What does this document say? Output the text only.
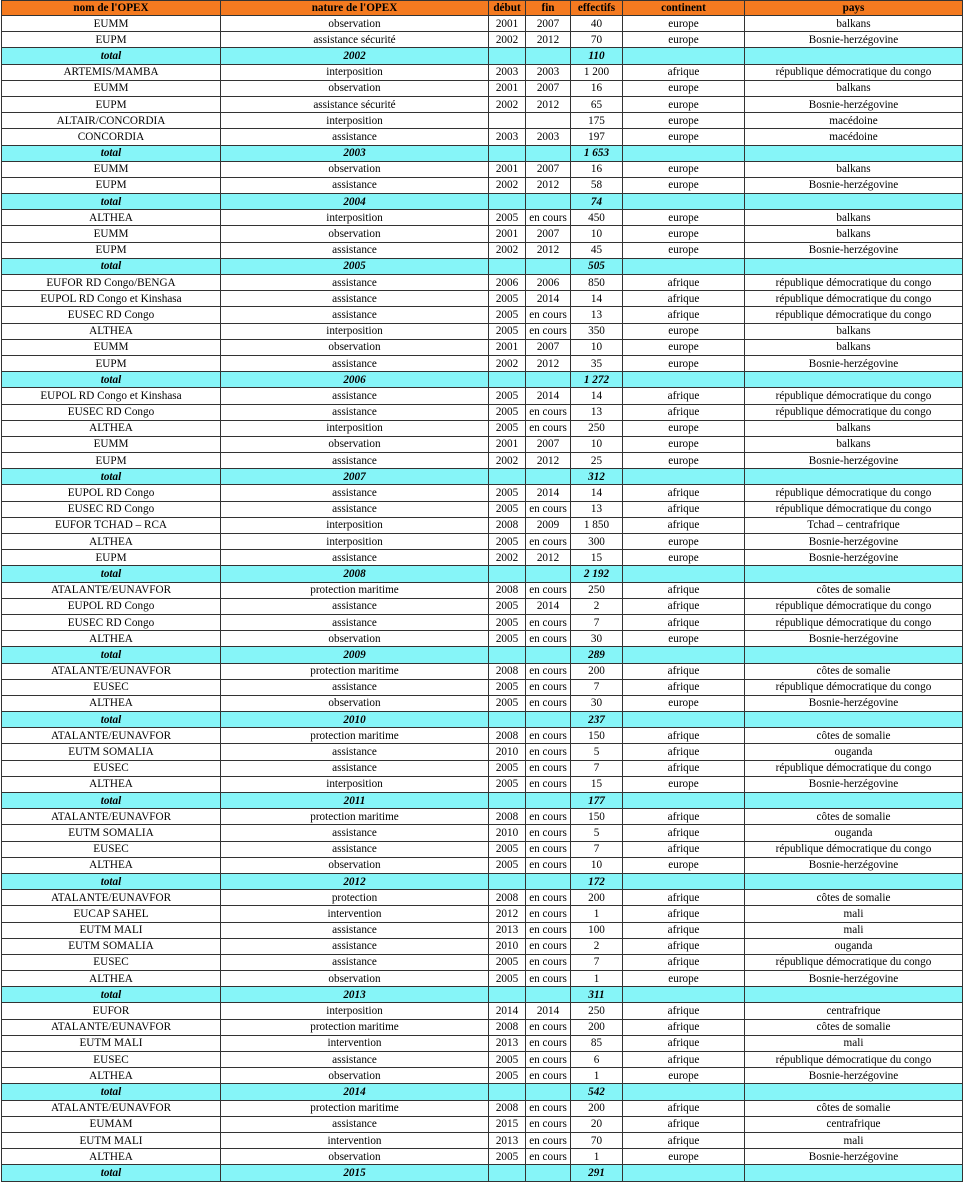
nom de l'OPEX	nature de l'OPEX	début	fin	effectifs	continent	pays
EUMM	observation	2001	2007	40	europe	balkans
EUPM	assistance sécurité	2002	2012	70	europe	Bosnie-herzégovine
total	2002			110		
ARTEMIS/MAMBA	interposition	2003	2003	1 200	afrique	république démocratique du congo
EUMM	observation	2001	2007	16	europe	balkans
EUPM	assistance sécurité	2002	2012	65	europe	Bosnie-herzégovine
ALTAIR/CONCORDIA	interposition			175	europe	macédoine
CONCORDIA	assistance	2003	2003	197	europe	macédoine
total	2003			1 653		
EUMM	observation	2001	2007	16	europe	balkans
EUPM	assistance	2002	2012	58	europe	Bosnie-herzégovine
total	2004			74		
ALTHEA	interposition	2005	en cours	450	europe	balkans
EUMM	observation	2001	2007	10	europe	balkans
EUPM	assistance	2002	2012	45	europe	Bosnie-herzégovine
total	2005			505		
EUFOR RD Congo/BENGA	assistance	2006	2006	850	afrique	république démocratique du congo
EUPOL RD Congo et Kinshasa	assistance	2005	2014	14	afrique	république démocratique du congo
EUSEC RD Congo	assistance	2005	en cours	13	afrique	république démocratique du congo
ALTHEA	interposition	2005	en cours	350	europe	balkans
EUMM	observation	2001	2007	10	europe	balkans
EUPM	assistance	2002	2012	35	europe	Bosnie-herzégovine
total	2006			1 272		
EUPOL RD Congo et Kinshasa	assistance	2005	2014	14	afrique	république démocratique du congo
EUSEC RD Congo	assistance	2005	en cours	13	afrique	république démocratique du congo
ALTHEA	interposition	2005	en cours	250	europe	balkans
EUMM	observation	2001	2007	10	europe	balkans
EUPM	assistance	2002	2012	25	europe	Bosnie-herzégovine
total	2007			312		
EUPOL RD Congo	assistance	2005	2014	14	afrique	république démocratique du congo
EUSEC RD Congo	assistance	2005	en cours	13	afrique	république démocratique du congo
EUFOR TCHAD – RCA	interposition	2008	2009	1 850	afrique	Tchad – centrafrique
ALTHEA	interposition	2005	en cours	300	europe	Bosnie-herzégovine
EUPM	assistance	2002	2012	15	europe	Bosnie-herzégovine
total	2008			2 192		
ATALANTE/EUNAVFOR	protection maritime	2008	en cours	250	afrique	côtes de somalie
EUPOL RD Congo	assistance	2005	2014	2	afrique	république démocratique du congo
EUSEC RD Congo	assistance	2005	en cours	7	afrique	république démocratique du congo
ALTHEA	observation	2005	en cours	30	europe	Bosnie-herzégovine
total	2009			289		
ATALANTE/EUNAVFOR	protection maritime	2008	en cours	200	afrique	côtes de somalie
EUSEC	assistance	2005	en cours	7	afrique	république démocratique du congo
ALTHEA	observation	2005	en cours	30	europe	Bosnie-herzégovine
total	2010			237		
ATALANTE/EUNAVFOR	protection maritime	2008	en cours	150	afrique	côtes de somalie
EUTM SOMALIA	assistance	2010	en cours	5	afrique	ouganda
EUSEC	assistance	2005	en cours	7	afrique	république démocratique du congo
ALTHEA	interposition	2005	en cours	15	europe	Bosnie-herzégovine
total	2011			177		
ATALANTE/EUNAVFOR	protection maritime	2008	en cours	150	afrique	côtes de somalie
EUTM SOMALIA	assistance	2010	en cours	5	afrique	ouganda
EUSEC	assistance	2005	en cours	7	afrique	république démocratique du congo
ALTHEA	observation	2005	en cours	10	europe	Bosnie-herzégovine
total	2012			172		
ATALANTE/EUNAVFOR	protection	2008	en cours	200	afrique	côtes de somalie
EUCAP SAHEL	intervention	2012	en cours	1	afrique	mali
EUTM MALI	assistance	2013	en cours	100	afrique	mali
EUTM SOMALIA	assistance	2010	en cours	2	afrique	ouganda
EUSEC	assistance	2005	en cours	7	afrique	république démocratique du congo
ALTHEA	observation	2005	en cours	1	europe	Bosnie-herzégovine
total	2013			311		
EUFOR	interposition	2014	2014	250	afrique	centrafrique
ATALANTE/EUNAVFOR	protection maritime	2008	en cours	200	afrique	côtes de somalie
EUTM MALI	intervention	2013	en cours	85	afrique	mali
EUSEC	assistance	2005	en cours	6	afrique	république démocratique du congo
ALTHEA	observation	2005	en cours	1	europe	Bosnie-herzégovine
total	2014			542		
ATALANTE/EUNAVFOR	protection maritime	2008	en cours	200	afrique	côtes de somalie
EUMAM	assistance	2015	en cours	20	afrique	centrafrique
EUTM MALI	intervention	2013	en cours	70	afrique	mali
ALTHEA	observation	2005	en cours	1	europe	Bosnie-herzégovine
total	2015			291		
